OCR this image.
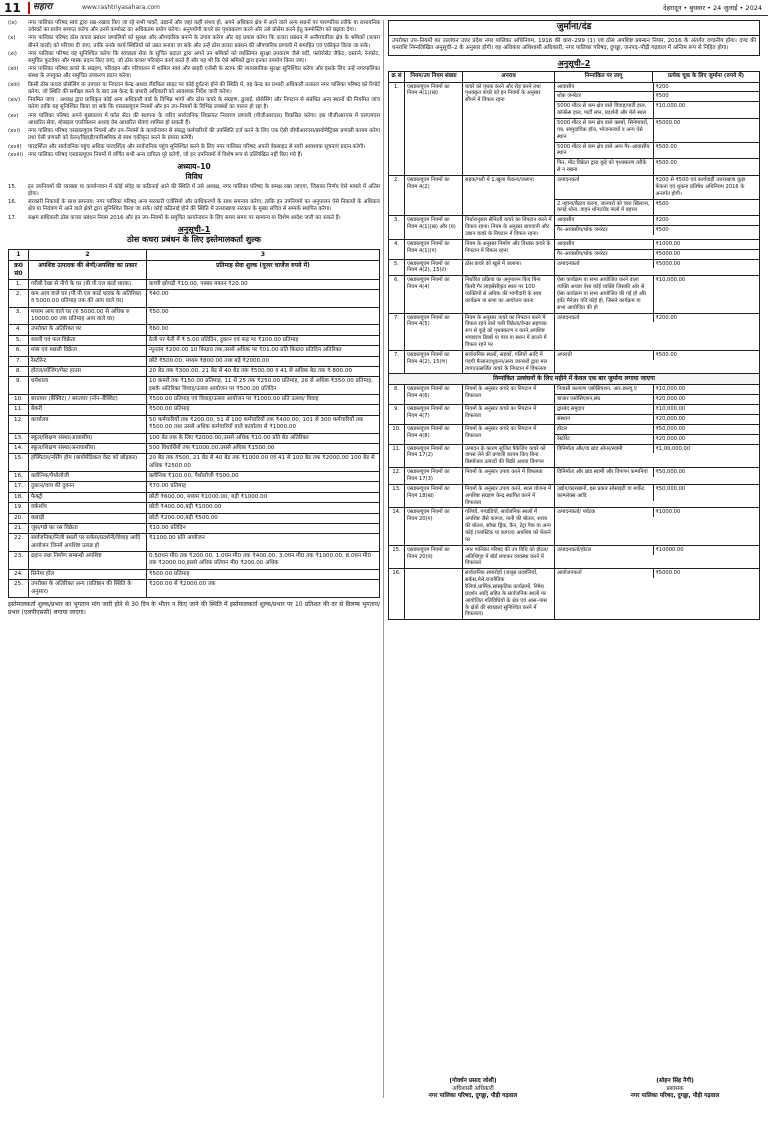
11	सहारा	www.rashtriyasahara.com	देहरादून • बुधवार • 24 जुलाई • 2024
(ix)	नगर पालिका परिषद स्वयं द्वारा रख–रखाव किए जा रहे सभी पार्कों, उद्यानों और जहां कहीं संभव हो, अपने अधिकार क्षेत्र में आने वाले अन्य स्थानों पर पारम्परिक तरीके या रासायनिक उर्वरकों का प्रयोग समाप्त करेगा और उनमें कम्पोस्ट का अधिकतम प्रयोग करेगा। अनुपयोगी कचरे का पृथक्करण करने और उसे प्रोसेस करने हेतु कम्पोस्टिंग को बढ़ावा देगा।
(x)	नगर पालिका परिषद ठोस कचरा प्रबंधन प्रणालियों को सुरक्षा और औपचारिक बनाने के उपाय करेगा और यह प्रयास करेगा कि कचरा प्रबंधन में अनौपचारिक क्षेत्र के श्रमिकों (कचरा बीनने वालों) को परिचय दी जाए, ताकि उनके कार्य स्थितियों को उन्नत बनाया जा सके और उन्हें ठोस कचरा प्रबंधन की औपचारिक प्रणाली में समाहित एवं एकीकृत किया जा सके।
(xi)	नगर पालिका परिषद यह सुनिश्चित करेगा कि स्वच्छता सेवा के सुचित प्रदाता द्वारा अपने उन श्रमिकों को व्यक्तिगत सुरक्षा उपकरण जैसे वर्दी, फ्लोरोसेंट जैकेट, दस्ताने, रेनकोट, समुचित फुटवेयर और मास्क प्रदान किए जाएं, जो ठोस कचरा परिवहन कार्य करते हैं और यह भी कि ऐसे श्रमिकों द्वारा इनका उपयोग किया जाए।
(xii)	नगर पालिका परिषद कचरे के संग्रहण, परिवहन और परिचालन में शामिल स्वयं और बाहरी एजेंसी के स्टाफ की व्यावसायिक सुरक्षा सुनिश्चित करेगा और इसके लिए उन्हें नगरपालिका संस्था के उपयुक्त और समुचित उपकरण प्रदान करेगा।
(xiii)	किसी ठोस कचरा प्रोसेसिंग या उपचार या निपटान केन्द्र अथवा लैंडफिल साइट पर कोई दुर्घटना होने की स्थिति में, वह केन्द्र का प्रभारी अधिकारी तत्काल नगर पालिका परिषद को रिपोर्ट करेगा, जो स्थिति की समीक्षा करने के बाद उस केन्द्र के प्रभारी अधिकारी को आवश्यक निर्देश जारी करेगा।
(xiv)	नियमित जांच : अध्यक्ष द्वारा प्राधिकृत कोई अन्य अधिकारी वार्ड के विभिन्न भागों और ठोस कचरे के संग्रहण, ढुलाई, प्रोसेसिंग और निपटान से संबंधित अन्य स्थानों की नियमित जांच करेगा ताकि यह सुनिश्चित किया जा सके कि एसडब्ल्यूएम नियमों और इन उप–नियमों के विभिन्न उपबंधों का पालन हो रहा है।
(xv)	नगर पालिका परिषद अपने मुख्यालय में कॉल सेंटर की स्थापना के जरिए सार्वजनिक शिकायत निवारण प्रणाली (पीजीआरएस) विकसित करेगा। इस पीजीआरएस में एसएमएस आधारित सेवा, मोबाइल एप्लीकेशन अथवा वेब आधारित सेवाएं शामिल हो सकती हैं।
(xvi)	नगर पालिका परिषद एसडब्ल्यूएम नियमों और उप–नियमों के कार्यान्वयन से संबद्ध कर्मचारियों की उपस्थिति दर्ज करने के लिए एक ऐसी जीपीआरएस/बायोमैट्रिक्स प्रणाली कायम करेगा तथा ऐसी प्रणाली को वेतन/विहाड़ी/पारिश्रमिक से साथ एकीकृत करने के प्रयास करेगी।
(xvii)	पारदर्शिता और सार्वजनिक पहुंच अधिक पारदर्शिता और सार्वजनिक पहुंच सुनिश्चित करने के लिए नगर पालिका परिषद अपनी वेबसाइट से सारी आवश्यक सूचनाएं प्रदान करेगी।
(xviii) नगर पालिका परिषद एसडब्ल्यूएम नियमों में वर्णित सभी अन्य दायित्व पूरे करेगी, जो इन उपनियमों में विशेष रूप से उल्लिखित नहीं किए गये हैं।
अध्याय–10
विविध
15.	इन उपनियमों की व्याख्या या कार्यान्वयन में कोई संदेह या कठिनाई आने की स्थिति में उसे अध्यक्ष, नगर पालिका परिषद के समक्ष रखा जाएगा, जिसका निर्णय ऐसे मामले में अंतिम होगा।
16.	सरकारी निकायों के साथ समन्वय: नगर पालिका परिषद अन्य सरकारी एजेंसियों और प्राधिकरणों के साथ समन्वय करेगा, ताकि इन उपनियमों का अनुपालन ऐसे निकायों के अधिकार क्षेत्र या नियंत्रण में आने वाले क्षेत्रों द्वारा सुनिश्चित किया जा सके। कोई कठिनाई होने की स्थिति में उत्तराखण्ड सरकार के मुख्य सचिव से सम्पर्क स्थापित करेगा।
17.	सक्षम प्राधिकारी ठोस कचरा प्रबंधन नियम 2016 और इन उप–नियमों के समुचित कार्यान्वयन के लिए समय समय पर सामान्य या विशेष आदेश जारी कर सकते हैं।
अनुसूची–1
ठोस कचरा प्रबंधन के लिए इस्तेमालकर्ता शुल्क
1	2	3
क्र0 सं0	अपशिष्ट उत्पादक की श्रेणी/अपशिष्ट का प्रकार	प्रतिमाह सेवा शुल्क (यूजर चार्जेज रुपये में)
1.	गरीबी रेखा से नीचे के घर (बी.पी.एल कार्ड धारक)	कच्ची झोपड़ी ₹10.00, पक्का मकान ₹20.00
2.	कम आय वाले घर (पी.पी.एल कार्ड धारक के अतिरिक्त व 5000.00 प्रतिमाह तक की आय वाले घर)	₹40.00
3.	मध्यम आय वाले घर (रु 5000.00 से अधिक रु 10000.00 तक प्रतिमाह आय वाले घर)	₹50.00
4.	उपरोक्त के अतिरिक्त घर	₹60.00
5.	सब्जी एवं फल विक्रेता	ठेली पर फेरी में ₹ 5.00 प्रतिदिन, दुकान एवं फड़ पर ₹100.00 प्रतिमाह
6.	मांस एवं मछली विक्रेता	न्यूनतम ₹200.00 10 किग्रा0 तक,उससे अधिक पर ₹01.00 प्रति किग्रा0 प्रतिदिन अतिरिक्त
7.	रेस्टोरेन्ट	छोटे ₹500.00, मध्यम ₹800.00 तथा बड़े ₹2000.00
8.	होटल/लॉजिंग/गेस्ट हाउस	20 बेड तक ₹300.00, 21 बेड से 40 बेड तक ₹500.00 व 41 से अधिक बेड तक ₹ 800.00
9.	धर्मशाला	10 कमरों तक ₹150.00 प्रतिमाह, 11 से 25 तक ₹250.00 प्रतिमाह, 26 से अधिक ₹350.00 प्रतिमाह, इसके अतिरिक्त विवाह/उत्सव आयोजन पर ₹500.00 प्रतिदिन
10.	बरातघर (बैंक्विट) / बरातघर (नॉन–बैंक्विट)	₹500.00 प्रतिमाह एवं विवाह/उत्सव आयोजन पर ₹1000.00 प्रति उत्सव/ विवाह
11.	बेकरी	₹500.00 प्रतिमाह
12.	कार्यालय	50 कर्मचारियों तक ₹200.00, 51 से 100 कर्मचारियों तक ₹400.00, 101 से 300 कर्मचारियों तक ₹500.00 तथा उससे अधिक कर्मचारियों वाले कार्यालय से ₹1000.00
13.	स्कूल/शिक्षण संस्था(आवासीय)	100 बेड तक के लिए ₹2000.00,उससे अधिक ₹10.00 प्रति बेड अतिरिक्त
14.	स्कूल/शिक्षण संस्था(अनावासीय)	500 विधार्थियों तक ₹1000.00,उससे अधिक ₹1500.00
15.	हॉस्पिटल/नर्सिंग होम (बायोमेडिकल वेस्ट को छोड़कर)	20 बेड तक ₹500, 21 बेड से 40 बेड तक ₹1000.00 एवं 41 से 100 बेड तक ₹2000.00 100 बेड से अधिक ₹2500.00
16.	क्लीनिक/पैथोलोजी	क्लीनिक ₹100.00, पैथोलोजी ₹500.00
17.	दुकान/चाय की दुकान	₹70.00 प्रतिमाह
18.	फैक्ट्री	छोटी ₹600.00, मध्यम ₹1000.00, बड़ी ₹1000.00
19.	वर्कशॉप	छोटी ₹400.00,बड़ी ₹1000.00
20.	कबाड़ी	छोटी ₹200.00,बड़ी ₹500.00
21.	जूस/गन्ने का रस विक्रेता	₹10.00 प्रतिदिन
22.	सार्वजनिक/निजी स्थलों पर सर्कस/प्रदर्शनी/विवाह आदि आयोजन जिनमें अपशिष्ट उत्पन्न हो	₹1100.00 प्रति आयोजन
23.	ढहान तथा निर्माण सम्बन्धी अपशिष्ट	0.50घन मी0 तक ₹200.00, 1.0घन मी0 तक ₹400.00, 3.0घन मी0 तक ₹1000.00, 8.0घन मी0 तक ₹2000.00,इससे अधिक प्रतिघन मी0 ₹200.00 अधिक
24.	सिनेमा हॉल	₹500.00 प्रतिमाह
25.	उपरोक्त के अतिरिक्त अन्य (प्रतिष्ठान की स्थिति के अनुसार)	₹200.00 से ₹2000.00 तक
इस्तेमालकर्ता शुल्क/प्रभार का भुगतान मांग जारी होने से 30 दिन के भीतर न किए जाने की स्थिति में इस्तेमालकर्ता शुल्क/प्रभार पर 10 प्रतिशत की दर से विलम्ब भुगतान/प्रभार (एलपीएससी) लगाया जाएगा।
जुर्माना/दंड
उपरोक्त उप–नियमों का उल्लंघन उत्तर प्रदेश नगर पालिका अधिनियम, 1916 की धारा–299 (1) एवं ठोस अपशिष्ट प्रबन्धन नियम, 2016 के अंतर्गत दण्डनीय होगा। दण्ड की धनराशि निम्नलिखित अनुसूची–2 के अनुसार होगी। यह अधिकार अधिशासी अधिकारी, नगर पालिका परिषद, दुगड्डा, जनपद–पौड़ी गढ़वाल में अन्तिम रूप से निहित होगा।
अनुसूची–2
क्र सं	नियम/उप नियम संख्या	अपराध	निम्नांकित पर लागू	प्रत्येक चूक के लिए जुर्माना (रुपये में)
1.	एसडब्ल्यूएम नियमों का नियम 4(1)(ख)	कचरे को पृथक करने और रोड़ करने तथा पृथक्कृत कचरे को इन नियमों के अनुसार सौंपने में विफल रहना	
आवासीय	₹200
थोक जनरेटर	₹500
5000 मीटर से कम क्षेत्र वाले विवाह/पार्टी हाल, कॉन्फ्रेंस हाल, पार्टी लान, प्रदर्शनी और मेले स्थल	₹10,000.00
5000 मीटर से कम क्षेत्र वाले क्लबों, सिनेमाघरों, पब, सामुदायिक हॉल, भोजनालयों व अन्य ऐसे स्थान	₹5000.00
5000 मीटर से कम क्षेत्र वाले अन्य गैर–आवासीय स्थान	₹500.00
फिर, मीट विक्रेता द्वारा कूड़े को पृथक्करण तरीके से न रखना	₹500.00

2.	एसडब्ल्यूएम नियमों का नियम 4(2)	सड़क/गली में 1.खुला फेंकना/जलाना		उत्पादनकर्ता	₹200 से ₹500 एवं कार्यवाही उत्तराखण्ड कूड़ा फेंकना एवं थूकना प्रतिषेध अधिनियम 2016 के अन्तर्गत होगी।
2.नहाना/बैठाय करना, जानवरों को चारा खिलाना, कपड़े धोना, वाहन धोना/रोड नालों में बहाना	₹500

3.	एसडब्ल्यूएम नियमों का नियम 4(1)(ख) और (घ)	निर्धारानुसार सैनिटरी कचरे का निपटान करने में विफल रहना। नियम के अनुसार बागवानी और उद्यान कचरे के निपटान में विफल रहना।	
आवासीय	₹200
गैर–आवासीय/थोक जनरेटर	₹500

4.	एसडब्ल्यूएम नियमों का नियम 4(1)(ग)	नियम के अनुसार निर्माण और विध्वंस कचरे के निपटान में विफल रहना	
आवासीय	₹1000.00
गैर–आवासीय/थोक जनरेटर	₹5000.00

5.	एसडब्ल्यूएम नियमों का नियम 4(2), 15(ट)	ठोस कचरे को खुले में जलाना।		उत्पादनकर्ता	₹5000.00

6.	एसडब्ल्यूएम नियमों का नियम 4(4)	निर्धारित प्रक्रिया का अनुपालन किए बिना किसी गैर लाइसेंसीकृत स्थल पर 100 व्यक्तियों से अधिक की भागीदारी के साथ कार्यक्रम या सभा का आयोजन करना	
ऐसा कार्यक्रम या सभा आयोजित करने वाला व्यक्ति अथवा ऐसा कोई व्यक्ति जिसकी ओर से ऐसा कार्यक्रम या सभा आयोजित की गई हो और इवेंट मैनेजर यदि कोई हो, जिसने कार्यक्रम या सभा आयोजित की हो	₹10,000.00

7.	एसडब्ल्यूएम नियमों का नियम 4(5)	नियम के अनुसार कचरे का निपटान करने में विफल रहने वाले गली विक्रेता/वेन्डर सहायक रूप से कूड़े को पृथक्करण न करने,अपशिष्ट भण्डारण डिब्बों या पात्र या स्थान में डालने में विफल रहने पर	
उत्पादनकर्ता	₹200.00

7.	एसडब्ल्यूएम नियमों का नियम 4(2), 15(ण)	सार्वजनिक स्थलों, सड़कों, गलियों आदि में गंदगी फैलाना/थूकना/अन्य जानवरों द्वारा मल त्याग/उत्सर्जित कचरे के निपटान में विफलता	
अपराधी	₹500.00

निम्नांकित उल्लंघनों के लिए महीने में केवल एक बार जुर्माना लगाया जाएगा
8.	एसडब्ल्यूएम नियमों का नियम 4(6)	नियमों के अनुसार कचरे का निपटान में विफलता	
निवासी कल्याण एसोसिएशन, आर.डब्ल्यू.ए	₹10,000.00
बाजार एसोसिएशन,संघ	₹20,000.00

9.	एसडब्ल्यूएम नियमों का नियम 4(7)	नियमों के अनुसार कचरे का निपटान में विफलता	
द्वारबंद समुदाय	₹10,000.00
संस्थान	₹20,000.00

10.	एसडब्ल्यूएम नियमों का नियम 4(8)	नियमों के अनुसार कचरे का निपटान में विफलता	
होटल	₹50,000.00
रेस्टोरेंट	₹20,000.00

11.	एसडब्ल्यूएम नियमों का नियम 17(2)	उत्पादन के कारण सुजित पैकेजिंग कचरे को वापस लेने की प्रणाली कायम किए बिना डिस्पोजल उत्पादों की बिक्री अथवा विपणन	
विनिर्माता और/या ब्रांड ओनर/स्वामी	₹1,00,000.00

12.	एसडब्ल्यूएम नियमों का नियम 17(3)	नियमों के अनुसार उपाय करने में विफलता		विनिर्माता और ब्रांड स्वामी और विपणन कम्पनियां	₹50,000.00

13.	एसडब्ल्यूएम नियमों का नियम 18(ख)	नियमों के अनुसार उपाय करने, स्थल योजना में अपशिष्ट संग्रहण केन्द्र स्थापित करने में विफलता	
उद्योग/कारखानों, इस प्रकार सोसाइटी या मार्केट काम्प्लेक्स आदि	₹50,000.00

14.	एसडब्ल्यूएम नियमों का नियम 20(ग)	गलियों, पगडंडियों, सार्वजनिक स्थलों में अपशिष्ट जैसे कागज, पानी की बोतल, शराब की बोतल, सॉफ्ट ड्रिंक, कैन, टेट्रा पैक या अन्य कोई (प्लास्टिक या कागज) अपशिष्ट को फेंकने पर	
उत्पादनकर्ता/ पर्यटक	₹1000.00

15.	एसडब्ल्यूएम नियमों का नियम 20(घ)	नगर पालिका परिषद की उप विधि को होटल/अतिथिगृह में बोर्ड लगाकर व्यवस्था करने में विफलता	
उत्पादनकर्ता/होटल	₹10000.00

16.		सार्वजनिक समारोहों (जलूस प्रदर्शनियों, सर्कस,मेले,राजनैतिक रैलियां,धार्मिक,सांस्कृतिक कार्यक्रमों, निषेध प्रदर्शन आदि सहित के सार्वजनिक स्थलों पर आयोजित गतिविधियों के क्षेत्र एवं आस–पास के क्षेत्रों की स्वच्छता सुनिश्चित करने में विफलता)	
आयोजनकर्ता	₹5000.00
(गोवर्धन प्रसाद जोशी)
अधिशासी अधिकारी
नगर पालिका परिषद, दुगड्डा, पौड़ी गढ़वाल
(सोहन सिंह नैगी)
प्रशासक
नगर पालिका परिषद, दुगड्डा, पौड़ी गढ़वाल
